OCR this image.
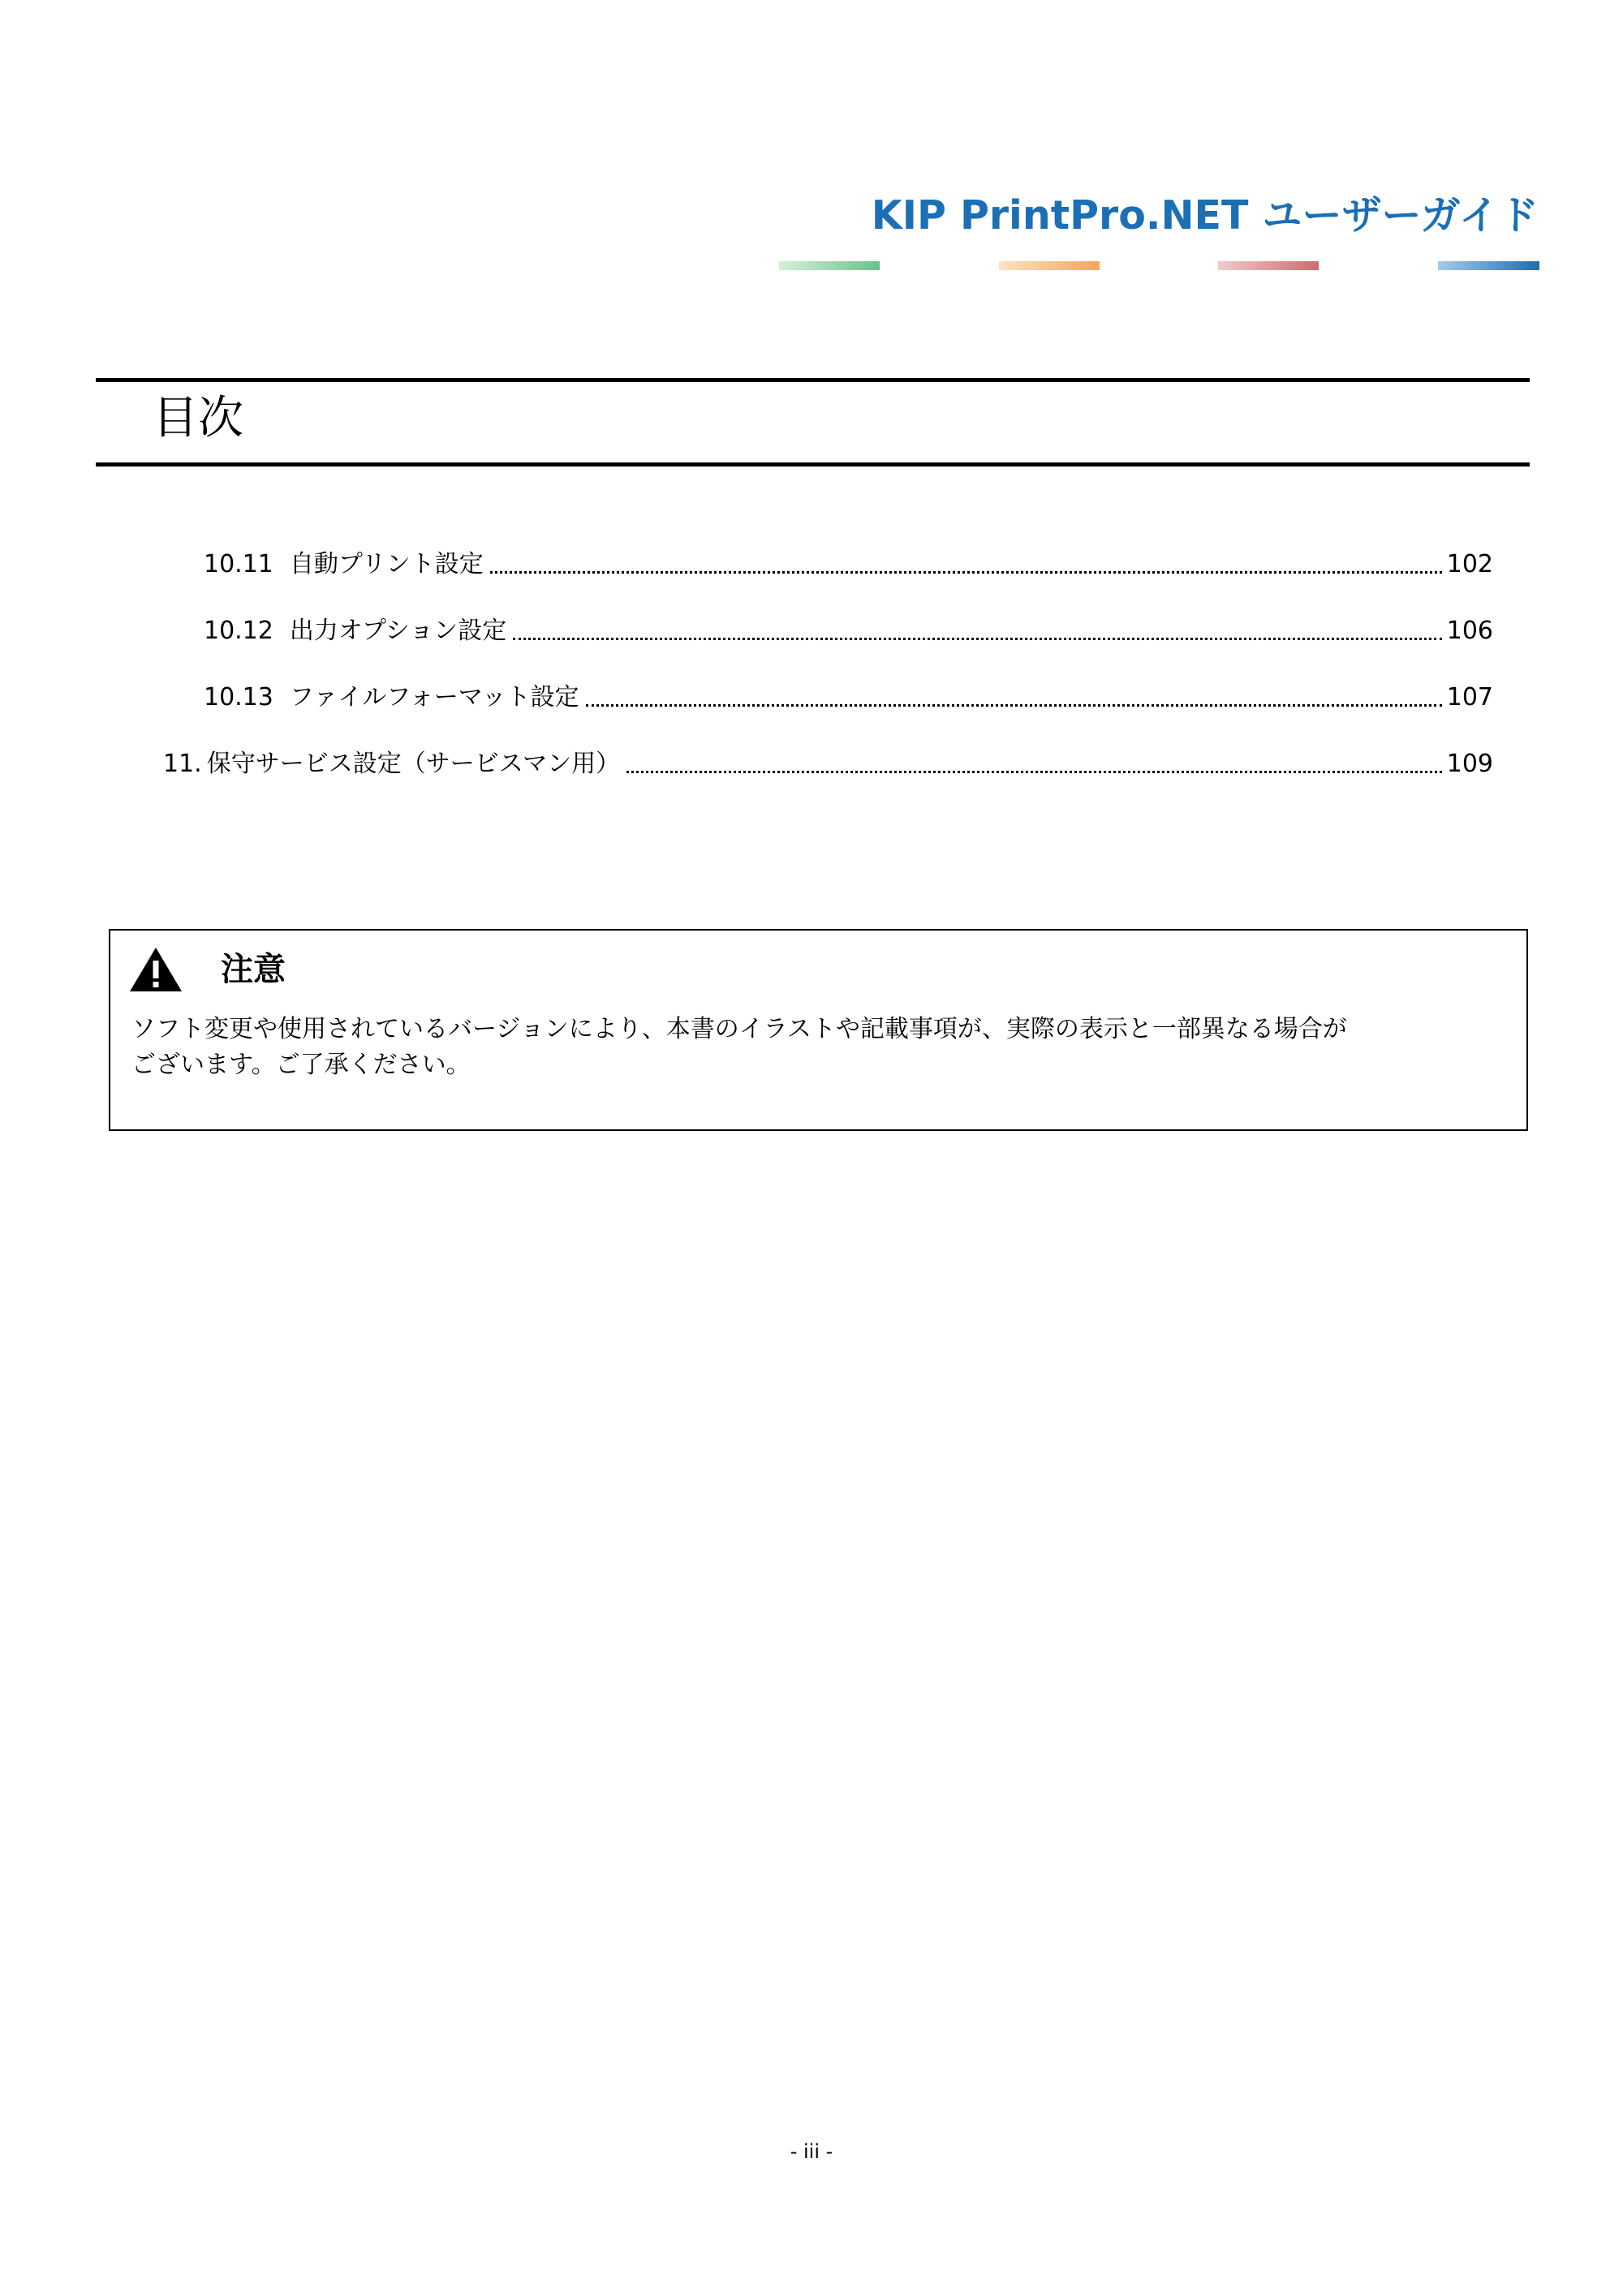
KIP PrintPro.NET ユーザーガイド
目次
10.11 自動プリント設定	102
10.12 出力オプション設定	106
10.13 ファイルフォーマット設定	107
11. 保守サービス設定（サービスマン用）	109
注意
ソフト変更や使用されているバージョンにより、本書のイラストや記載事項が、実際の表示と一部異なる場合が
ございます。ご了承ください。
- iii -
